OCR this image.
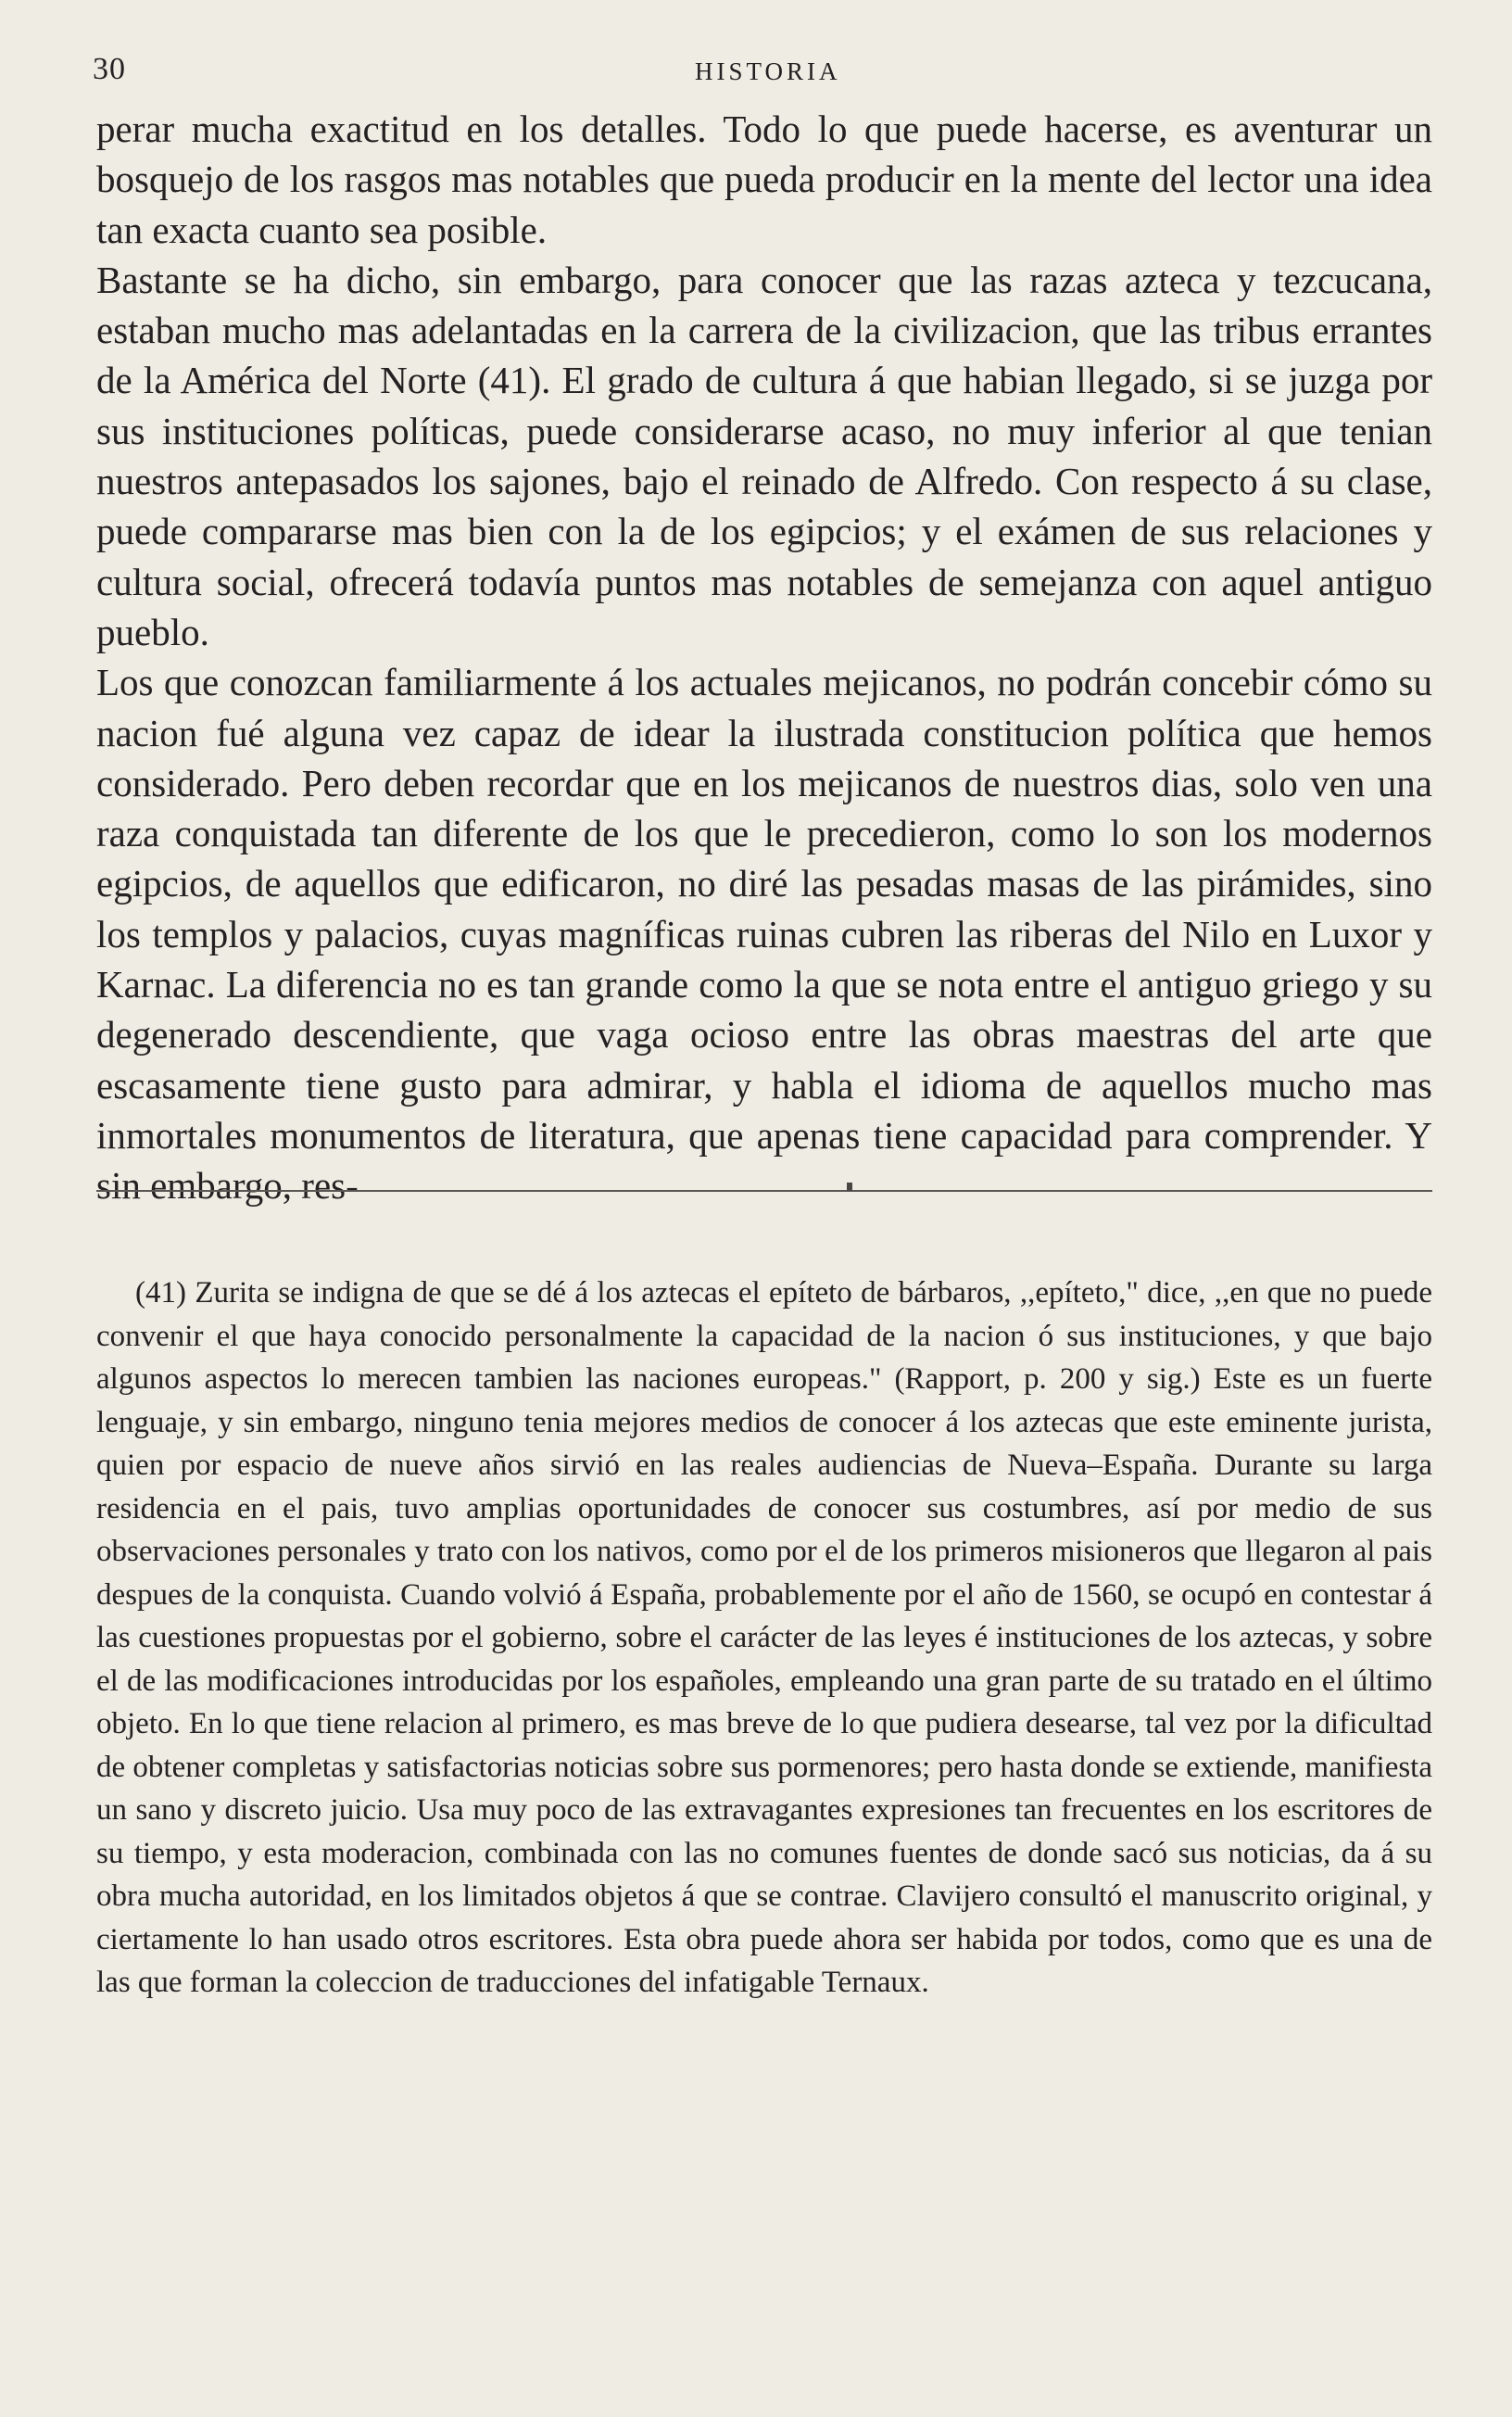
30	HISTORIA

perar mucha exactitud en los detalles. Todo lo que puede hacerse, es aventurar un bosquejo de los rasgos mas notables que pueda producir en la mente del lector una idea tan exacta cuanto sea posible.

Bastante se ha dicho, sin embargo, para conocer que las razas azteca y tezcucana, estaban mucho mas adelantadas en la carrera de la civilizacion, que las tribus errantes de la América del Norte (41). El grado de cultura á que habian llegado, si se juzga por sus instituciones políticas, puede considerarse acaso, no muy inferior al que tenian nuestros antepasados los sajones, bajo el reinado de Alfredo. Con respecto á su clase, puede compararse mas bien con la de los egipcios; y el exámen de sus relaciones y cultura social, ofrecerá todavía puntos mas notables de semejanza con aquel antiguo pueblo.

Los que conozcan familiarmente á los actuales mejicanos, no podrán concebir cómo su nacion fué alguna vez capaz de idear la ilustrada constitucion política que hemos considerado. Pero deben recordar que en los mejicanos de nuestros dias, solo ven una raza conquistada tan diferente de los que le precedieron, como lo son los modernos egipcios, de aquellos que edificaron, no diré las pesadas masas de las pirámides, sino los templos y palacios, cuyas magníficas ruinas cubren las riberas del Nilo en Luxor y Karnac. La diferencia no es tan grande como la que se nota entre el antiguo griego y su degenerado descendiente, que vaga ocioso entre las obras maestras del arte que escasamente tiene gusto para admirar, y habla el idioma de aquellos mucho mas inmortales monumentos de literatura, que apenas tiene capacidad para comprender. Y sin embargo, res-

(41) Zurita se indigna de que se dé á los aztecas el epíteto de bárbaros, ,,epíteto," dice, ,,en que no puede convenir el que haya conocido personalmente la capacidad de la nacion ó sus instituciones, y que bajo algunos aspectos lo merecen tambien las naciones europeas." (Rapport, p. 200 y sig.) Este es un fuerte lenguaje, y sin embargo, ninguno tenia mejores medios de conocer á los aztecas que este eminente jurista, quien por espacio de nueve años sirvió en las reales audiencias de Nueva–España. Durante su larga residencia en el pais, tuvo amplias oportunidades de conocer sus costumbres, así por medio de sus observaciones personales y trato con los nativos, como por el de los primeros misioneros que llegaron al pais despues de la conquista. Cuando volvió á España, probablemente por el año de 1560, se ocupó en contestar á las cuestiones propuestas por el gobierno, sobre el carácter de las leyes é instituciones de los aztecas, y sobre el de las modificaciones introducidas por los españoles, empleando una gran parte de su tratado en el último objeto. En lo que tiene relacion al primero, es mas breve de lo que pudiera desearse, tal vez por la dificultad de obtener completas y satisfactorias noticias sobre sus pormenores; pero hasta donde se extiende, manifiesta un sano y discreto juicio. Usa muy poco de las extravagantes expresiones tan frecuentes en los escritores de su tiempo, y esta moderacion, combinada con las no comunes fuentes de donde sacó sus noticias, da á su obra mucha autoridad, en los limitados objetos á que se contrae. Clavijero consultó el manuscrito original, y ciertamente lo han usado otros escritores. Esta obra puede ahora ser habida por todos, como que es una de las que forman la coleccion de traducciones del infatigable Ternaux.
